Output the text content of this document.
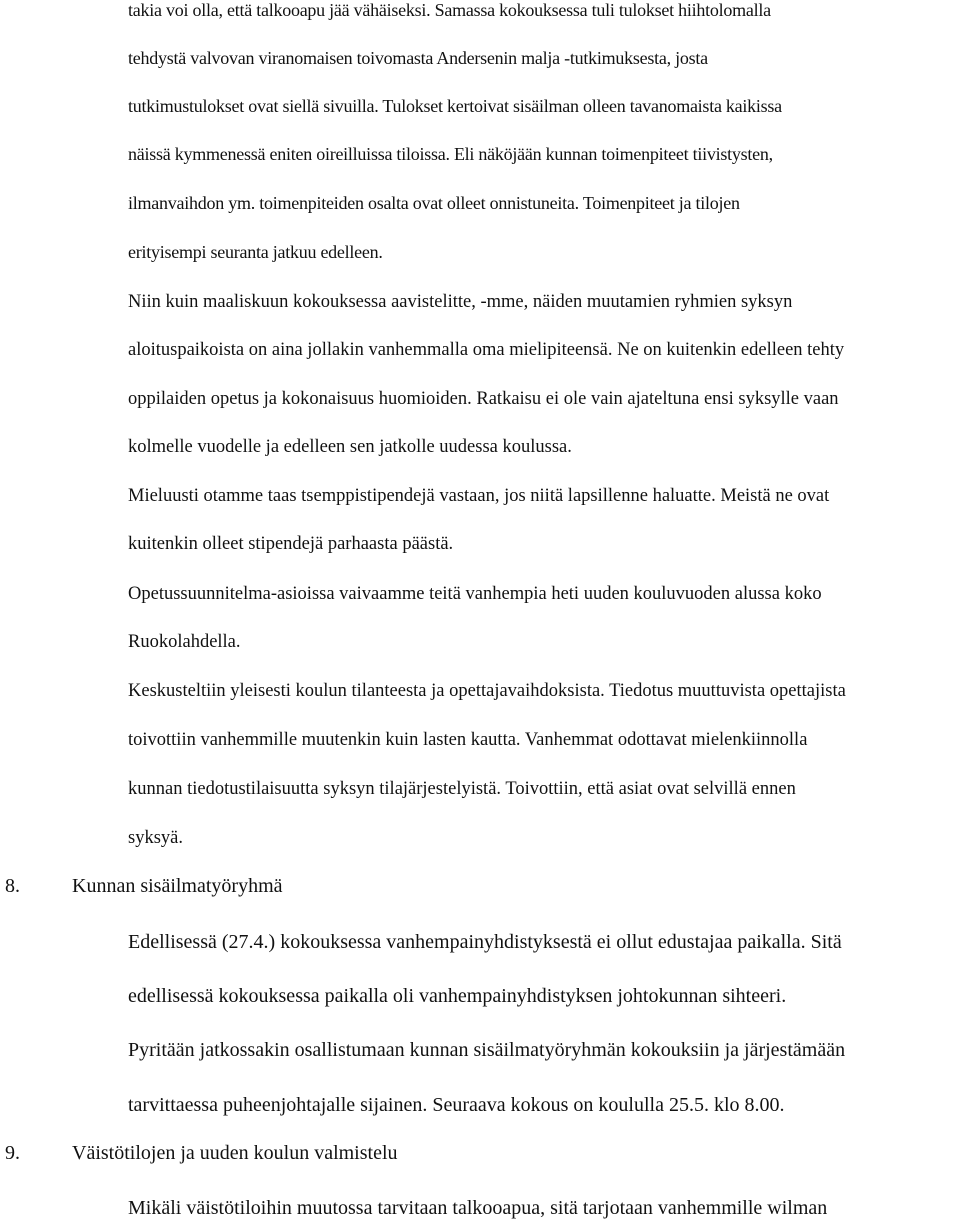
takia voi olla, että talkooapu jää vähäiseksi. Samassa kokouksessa tuli tulokset hiihtolomalla
tehdystä valvovan viranomaisen toivomasta Andersenin malja -tutkimuksesta, josta
tutkimustulokset ovat siellä sivuilla. Tulokset kertoivat sisäilman olleen tavanomaista kaikissa
näissä kymmenessä eniten oireilluissa tiloissa. Eli näköjään kunnan toimenpiteet tiivistysten,
ilmanvaihdon ym. toimenpiteiden osalta ovat olleet onnistuneita. Toimenpiteet ja tilojen
erityisempi seuranta jatkuu edelleen.
Niin kuin maaliskuun kokouksessa aavistelitte, -mme, näiden muutamien ryhmien syksyn
aloituspaikoista on aina jollakin vanhemmalla oma mielipiteensä. Ne on kuitenkin edelleen tehty
oppilaiden opetus ja kokonaisuus huomioiden. Ratkaisu ei ole vain ajateltuna ensi syksylle vaan
kolmelle vuodelle ja edelleen sen jatkolle uudessa koulussa.
Mieluusti otamme taas tsemppistipendejä vastaan, jos niitä lapsillenne haluatte. Meistä ne ovat
kuitenkin olleet stipendejä parhaasta päästä.
Opetussuunnitelma-asioissa vaivaamme teitä vanhempia heti uuden kouluvuoden alussa koko
Ruokolahdella.
Keskusteltiin yleisesti koulun tilanteesta ja opettajavaihdoksista. Tiedotus muuttuvista opettajista
toivottiin vanhemmille muutenkin kuin lasten kautta. Vanhemmat odottavat mielenkiinnolla
kunnan tiedotustilaisuutta syksyn tilajärjestelyistä. Toivottiin, että asiat ovat selvillä ennen
syksyä.
8.	Kunnan sisäilmatyöryhmä
Edellisessä (27.4.) kokouksessa vanhempainyhdistyksestä ei ollut edustajaa paikalla. Sitä
edellisessä kokouksessa paikalla oli vanhempainyhdistyksen johtokunnan sihteeri.
Pyritään jatkossakin osallistumaan kunnan sisäilmatyöryhmän kokouksiin ja järjestämään
tarvittaessa puheenjohtajalle sijainen. Seuraava kokous on koululla 25.5. klo 8.00.
9.	Väistötilojen ja uuden koulun valmistelu
Mikäli väistötiloihin muutossa tarvitaan talkooapua, sitä tarjotaan vanhemmille wilman
